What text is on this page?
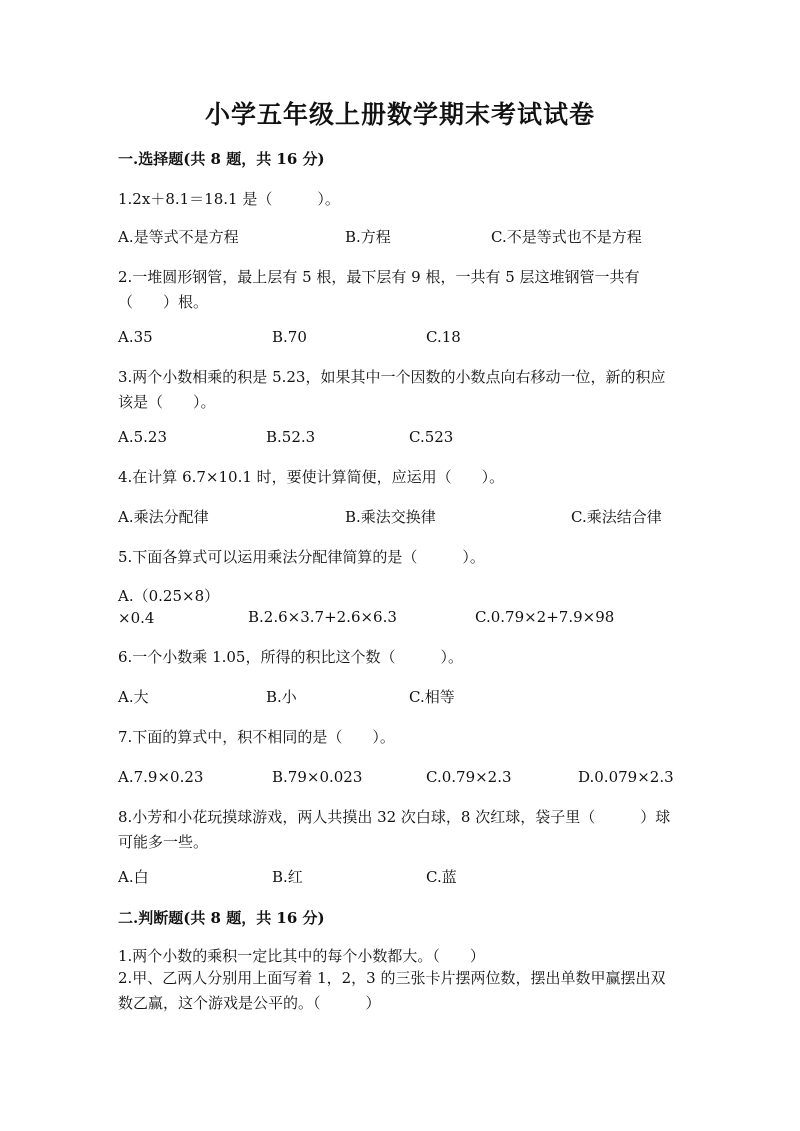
小学五年级上册数学期末考试试卷
一.选择题(共 8 题，共 16 分)
1.2x＋8.1＝18.1 是（　　　）。
A.是等式不是方程	B.方程	C.不是等式也不是方程
2.一堆圆形钢管，最上层有 5 根，最下层有 9 根，一共有 5 层这堆钢管一共有（　　）根。
A.35	B.70	C.18
3.两个小数相乘的积是 5.23，如果其中一个因数的小数点向右移动一位，新的积应该是（　　）。
A.5.23	B.52.3	C.523
4.在计算 6.7×10.1 时，要使计算简便，应运用（　　）。
A.乘法分配律	B.乘法交换律	C.乘法结合律
5.下面各算式可以运用乘法分配律简算的是（　　　）。
A.（0.25×8）×0.4	B.2.6×3.7+2.6×6.3	C.0.79×2+7.9×98
6.一个小数乘 1.05，所得的积比这个数（　　　）。
A.大	B.小	C.相等
7.下面的算式中，积不相同的是（　　）。
A.7.9×0.23	B.79×0.023	C.0.79×2.3	D.0.079×2.3
8.小芳和小花玩摸球游戏，两人共摸出 32 次白球，8 次红球，袋子里（　　　）球可能多一些。
A.白	B.红	C.蓝
二.判断题(共 8 题，共 16 分)
1.两个小数的乘积一定比其中的每个小数都大。（　　）
2.甲、乙两人分别用上面写着 1，2，3 的三张卡片摆两位数，摆出单数甲赢摆出双数乙赢，这个游戏是公平的。（　　　）
